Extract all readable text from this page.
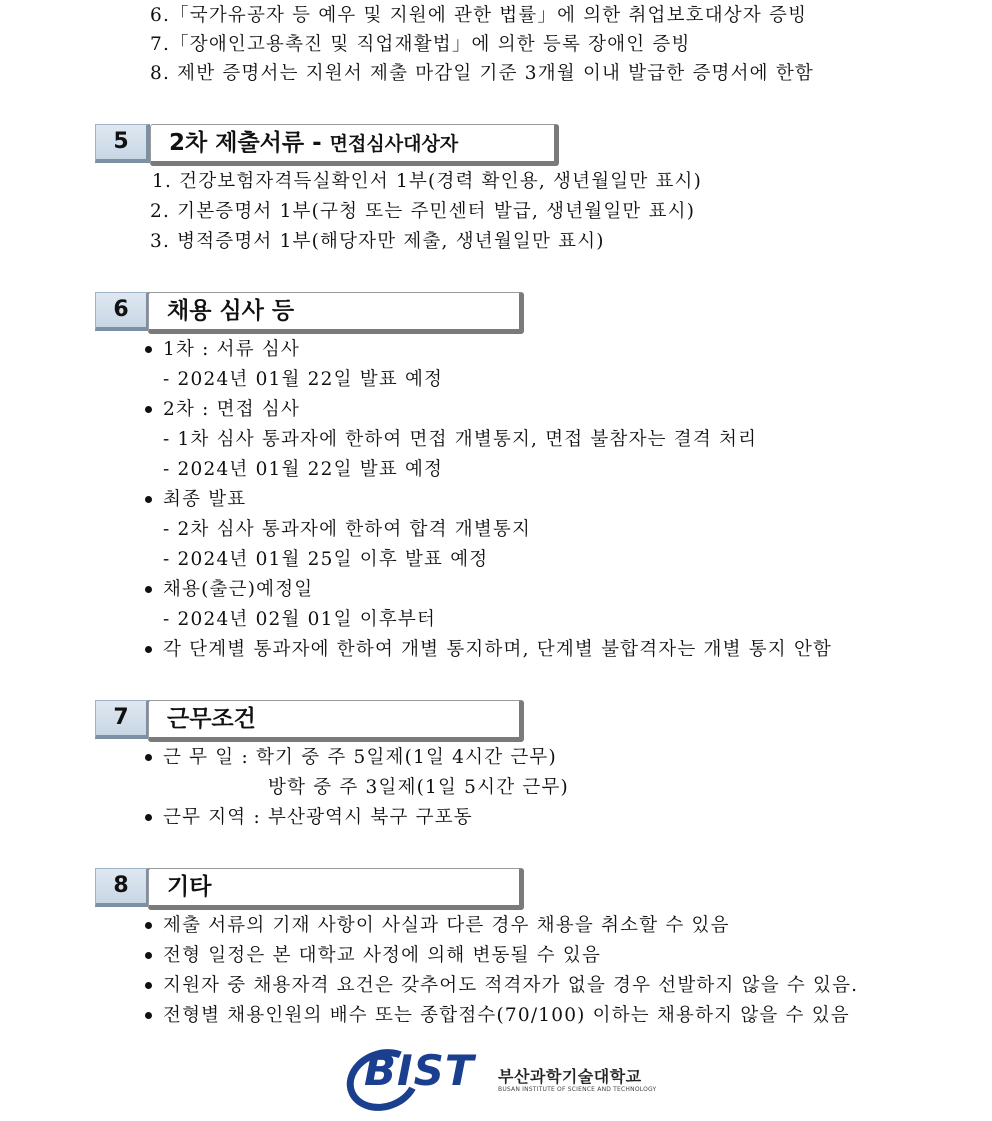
6.「국가유공자 등 예우 및 지원에 관한 법률」에 의한 취업보호대상자 증빙
7.「장애인고용촉진 및 직업재활법」에 의한 등록 장애인 증빙
8. 제반 증명서는 지원서 제출 마감일 기준 3개월 이내 발급한 증명서에 한함
5	2차 제출서류 - 면접심사대상자
1. 건강보험자격득실확인서 1부(경력 확인용, 생년월일만 표시)
2. 기본증명서 1부(구청 또는 주민센터 발급, 생년월일만 표시)
3. 병적증명서 1부(해당자만 제출, 생년월일만 표시)
6	채용 심사 등
1차 : 서류 심사
- 2024년 01월 22일 발표 예정
2차 : 면접 심사
- 1차 심사 통과자에 한하여 면접 개별통지, 면접 불참자는 결격 처리
- 2024년 01월 22일 발표 예정
최종 발표
- 2차 심사 통과자에 한하여 합격 개별통지
- 2024년 01월 25일 이후 발표 예정
채용(출근)예정일
- 2024년 02월 01일 이후부터
각 단계별 통과자에 한하여 개별 통지하며, 단계별 불합격자는 개별 통지 안함
7	근무조건
근 무 일 : 학기 중 주 5일제(1일 4시간 근무)
방학 중 주 3일제(1일 5시간 근무)
근무 지역 : 부산광역시 북구 구포동
8	기타
제출 서류의 기재 사항이 사실과 다른 경우 채용을 취소할 수 있음
전형 일정은 본 대학교 사정에 의해 변동될 수 있음
지원자 중 채용자격 요건은 갖추어도 적격자가 없을 경우 선발하지 않을 수 있음.
전형별 채용인원의 배수 또는 종합점수(70/100) 이하는 채용하지 않을 수 있음
BIST 부산과학기술대학교
BUSAN INSTITUTE OF SCIENCE AND TECHNOLOGY
